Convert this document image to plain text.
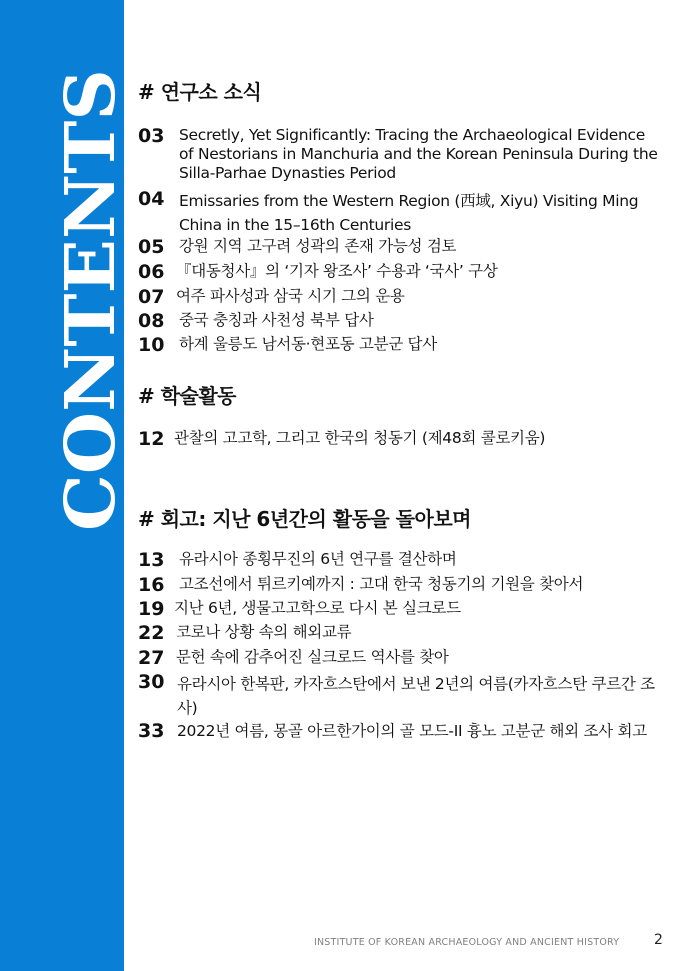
CONTENTS # 연구소 소식
03 Secretly, Yet Significantly: Tracing the Archaeological Evidence of Nestorians in Manchuria and the Korean Peninsula During the Silla-Parhae Dynasties Period
04 Emissaries from the Western Region (西域, Xiyu) Visiting Ming China in the 15–16th Centuries
05 강원 지역 고구려 성곽의 존재 가능성 검토
06 『대동청사』의 ‘기자 왕조사’ 수용과 ‘국사’ 구상
07 여주 파사성과 삼국 시기 그의 운용
08 중국 충칭과 사천성 북부 답사
10 하계 울릉도 남서동·현포동 고분군 답사
# 학술활동
12 관찰의 고고학, 그리고 한국의 청동기 (제48회 콜로키움)
# 회고: 지난 6년간의 활동을 돌아보며
13 유라시아 종횡무진의 6년 연구를 결산하며
16 고조선에서 튀르키예까지 : 고대 한국 청동기의 기원을 찾아서
19 지난 6년, 생물고고학으로 다시 본 실크로드
22 코로나 상황 속의 해외교류
27 문헌 속에 감추어진 실크로드 역사를 찾아
30 유라시아 한복판, 카자흐스탄에서 보낸 2년의 여름(카자흐스탄 쿠르간 조사)
33 2022년 여름, 몽골 아르한가이의 골 모드-II 흉노 고분군 해외 조사 회고
INSTITUTE OF KOREAN ARCHAEOLOGY AND ANCIENT HISTORY 2
